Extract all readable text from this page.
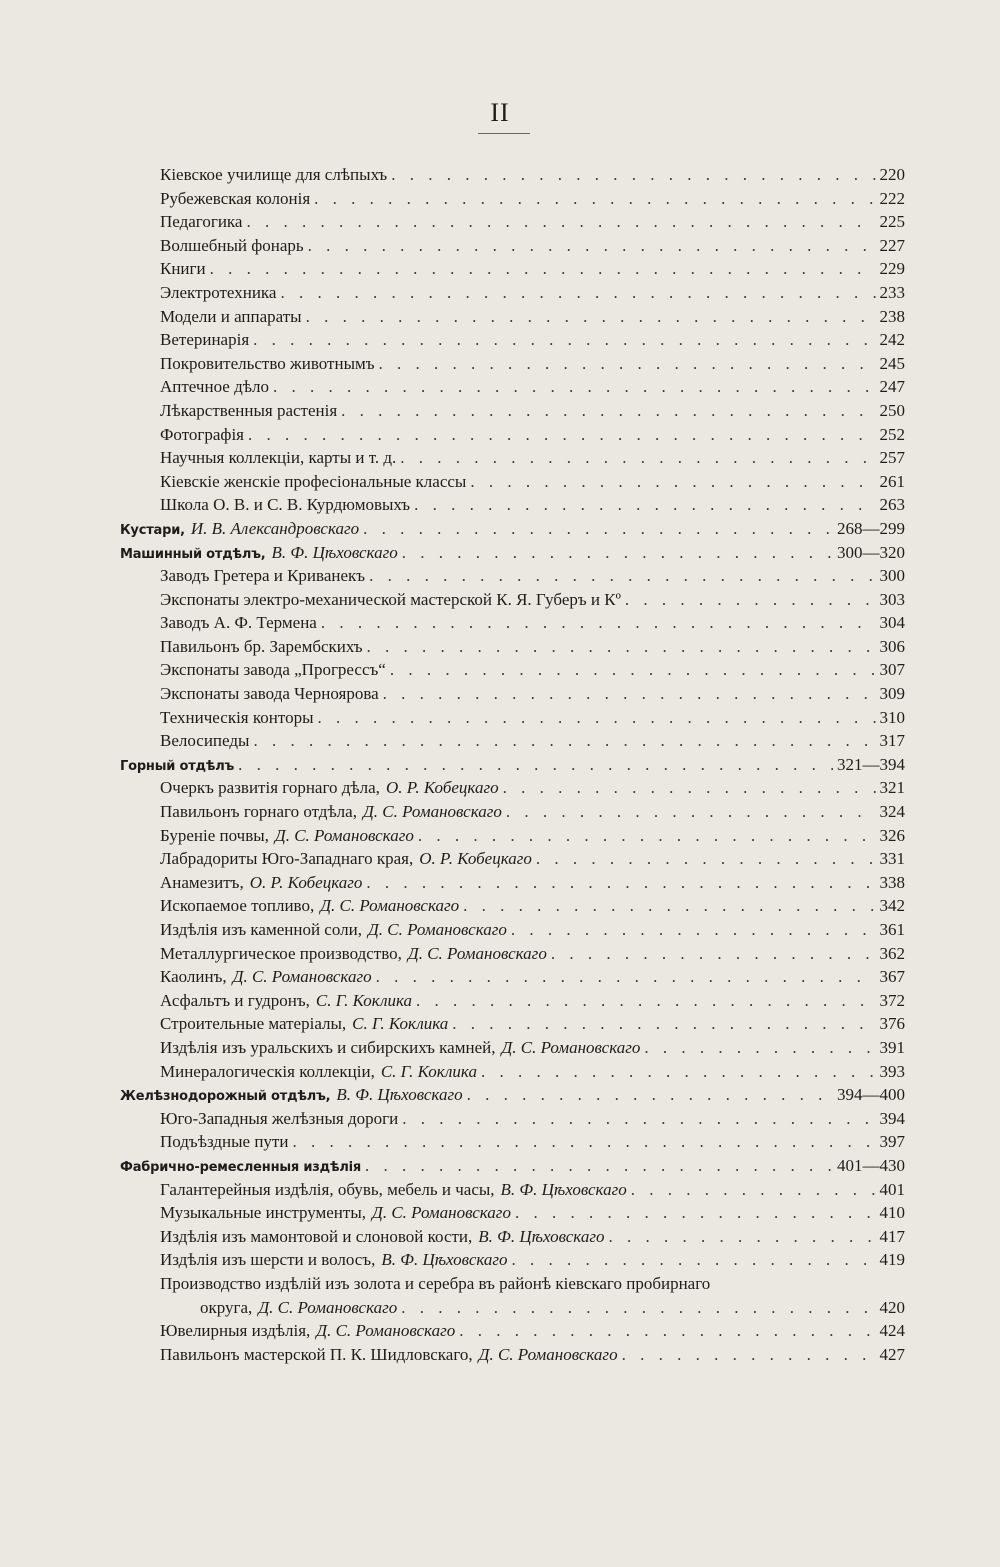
II
Кіевское училище для слѣпыхъ . . .	220
Рубежевская колонія . . .	222
Педагогика . . .	225
Волшебный фонарь . . .	227
Книги . . .	229
Электротехника . . .	233
Модели и аппараты . . .	238
Ветеринарія . . .	242
Покровительство животнымъ . . .	245
Аптечное дѣло . . .	247
Лѣкарственныя растенія . . .	250
Фотографія . . .	252
Научныя коллекціи, карты и т. д. . . .	257
Кіевскіе женскіе професіональные классы . . .	261
Школа О. В. и С. В. Курдюмовыхъ . . .	263
Кустари, И. В. Александровскаго . . .	268—299
Машинный отдѣлъ, В. Ф. Цѣховскаго . . .	300—320
Заводъ Гретера и Криванекъ . . .	300
Экспонаты электро-механической мастерской К. Я. Губеръ и Кº . . .	303
Заводъ А. Ф. Термена . . .	304
Павильонъ бр. Зарембскихъ . . .	306
Экспонаты завода „Прогрессъ“ . . .	307
Экспонаты завода Черноярова . . .	309
Техническія конторы . . .	310
Велосипеды . . .	317
Горный отдѣлъ . . .	321—394
Очеркъ развитія горнаго дѣла, О. Р. Кобецкаго . . .	321
Павильонъ горнаго отдѣла, Д. С. Романовскаго . . .	324
Буреніе почвы, Д. С. Романовскаго . . .	326
Лабрадориты Юго-Западнаго края, О. Р. Кобецкаго . . .	331
Анамезитъ, О. Р. Кобецкаго . . .	338
Ископаемое топливо, Д. С. Романовскаго . . .	342
Издѣлія изъ каменной соли, Д. С. Романовскаго . . .	361
Металлургическое производство, Д. С. Романовскаго . . .	362
Каолинъ, Д. С. Романовскаго . . .	367
Асфальтъ и гудронъ, С. Г. Коклика . . .	372
Строительные матеріалы, С. Г. Коклика . . .	376
Издѣлія изъ уральскихъ и сибирскихъ камней, Д. С. Романовскаго . . .	391
Минералогическія коллекціи, С. Г. Коклика . . .	393
Желѣзнодорожный отдѣлъ, В. Ф. Цѣховскаго . . .	394—400
Юго-Западныя желѣзныя дороги . . .	394
Подъѣздные пути . . .	397
Фабрично-ремесленныя издѣлія . . .	401—430
Галантерейныя издѣлія, обувь, мебель и часы, В. Ф. Цѣховскаго . . .	401
Музыкальные инструменты, Д. С. Романовскаго . . .	410
Издѣлія изъ мамонтовой и слоновой кости, В. Ф. Цѣховскаго . . .	417
Издѣлія изъ шерсти и волосъ, В. Ф. Цѣховскаго . . .	419
Производство издѣлій изъ золота и серебра въ районѣ кіевскаго пробирнаго
округа, Д. С. Романовскаго . . .	420
Ювелирныя издѣлія, Д. С. Романовскаго . . .	424
Павильонъ мастерской П. К. Шидловскаго, Д. С. Романовскаго . . .	427
